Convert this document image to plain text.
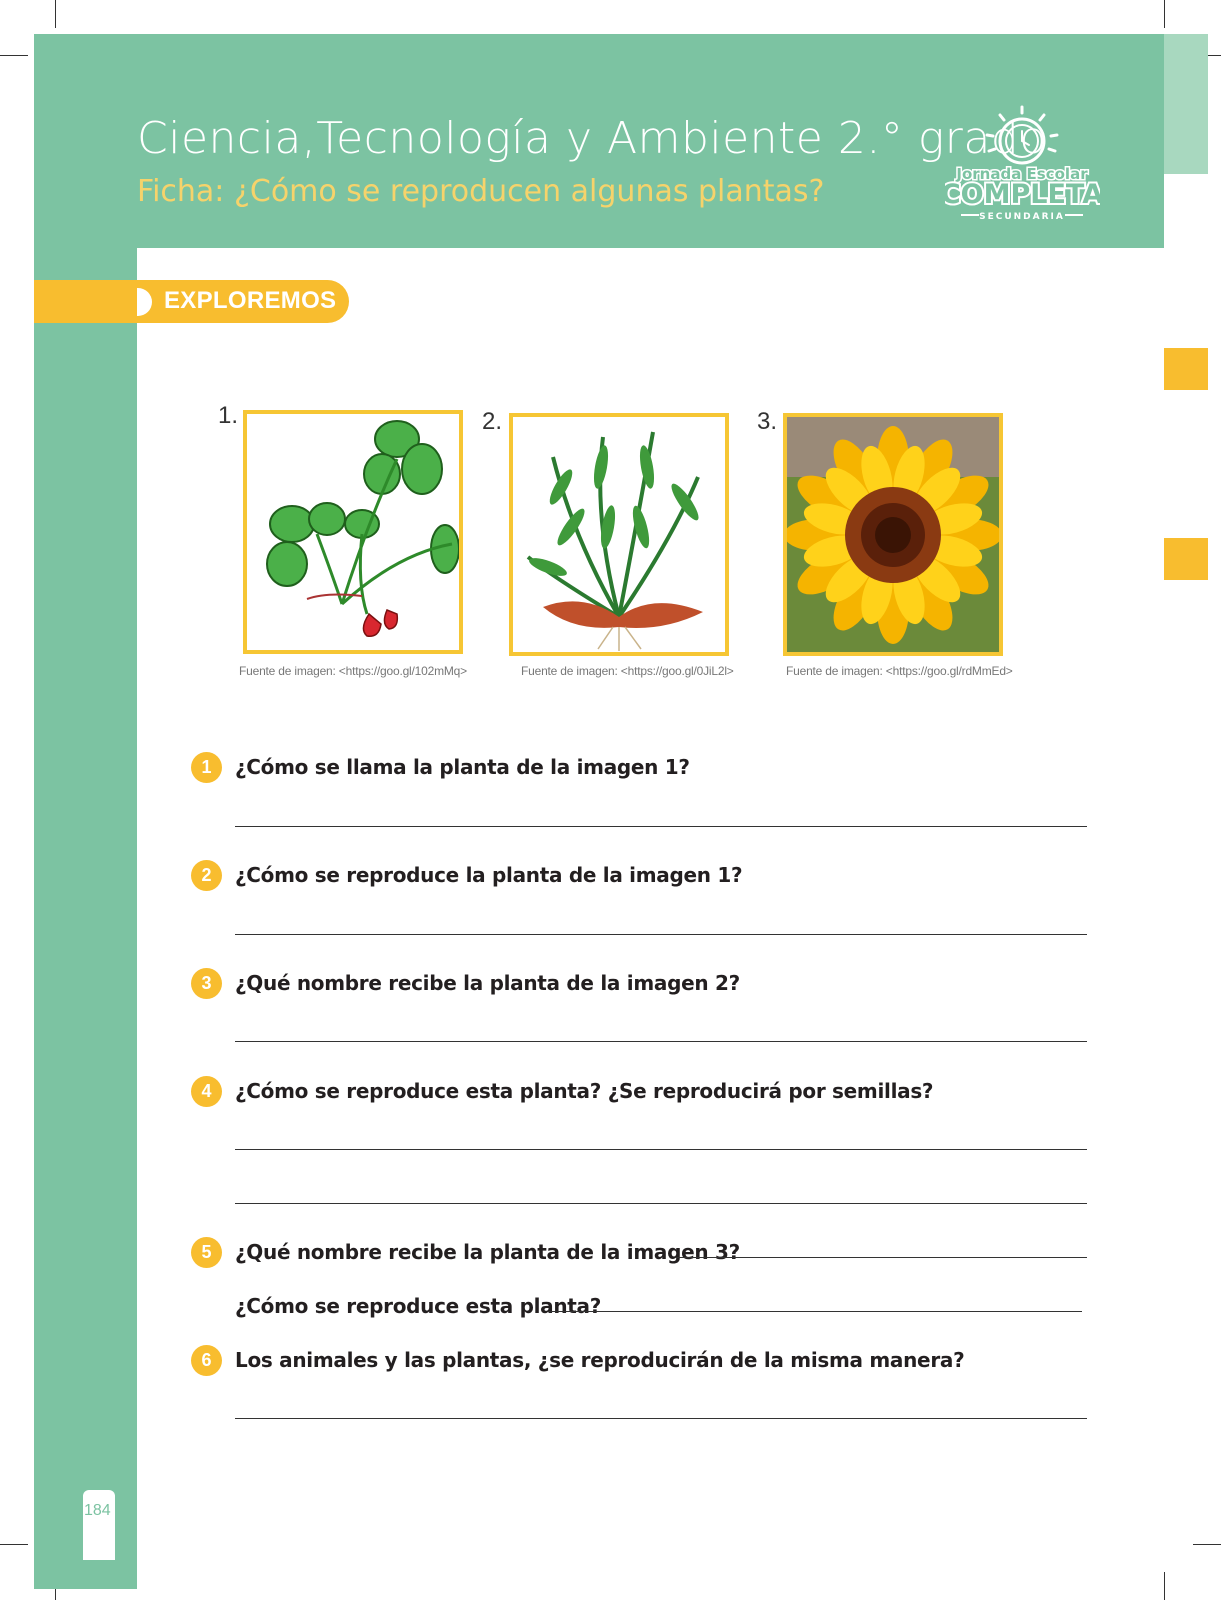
Ciencia,Tecnología y Ambiente 2.° grado
Ficha: ¿Cómo se reproducen algunas plantas?	Jornada Escolar
COMPLETA
SECUNDARIA
EXPLOREMOS
1.
Fuente de imagen: <https://goo.gl/102mMq>
2.
Fuente de imagen: <https://goo.gl/0JiL2l>
3.
Fuente de imagen: <https://goo.gl/rdMmEd>
1	¿Cómo se llama la planta de la imagen 1?
2	¿Cómo se reproduce la planta de la imagen 1?
3	¿Qué nombre recibe la planta de la imagen 2?
4	¿Cómo se reproduce esta planta? ¿Se reproducirá por semillas?
5	¿Qué nombre recibe la planta de la imagen 3?
¿Cómo se reproduce esta planta?
6	Los animales y las plantas, ¿se reproducirán de la misma manera?
184
